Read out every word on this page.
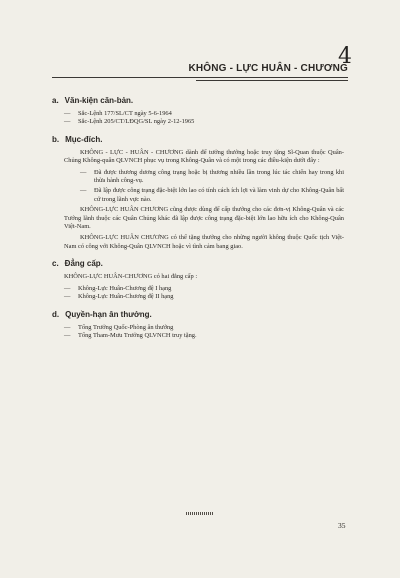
4
KHÔNG - LỰC HUÂN - CHƯƠNG
a. Văn-kiện căn-bản.
—	Sắc-Lệnh 177/SL/CT ngày 5-6-1964
—	Sắc-Lệnh 205/CT/LĐQG/SL ngày 2-12-1965
b. Mục-đích.

KHÔNG - LỰC - HUÂN - CHƯƠNG dành để tưởng thưởng hoặc truy tặng Sĩ-Quan thuộc Quân-Chủng Không-quân QLVNCH phục vụ trong Không-Quân và có một trong các điều-kiện dưới đây :

—	Đã được thương dương công trạng hoặc bị thương nhiều lần trong lúc tác chiến hay trong khi thừa hành công-vụ.
—	Đã lập được công trạng đặc-biệt lớn lao có tính cách ích lợi và làm vinh dự cho Không-Quân bất cứ trong lãnh vực nào.

KHÔNG-LỰC HUÂN CHƯƠNG cũng được dùng để cấp thưởng cho các đơn-vị Không-Quân và các Tướng lãnh thuộc các Quân Chủng khác đã lập được công trạng đặc-biệt lớn lao hữu ích cho Không-Quân Việt-Nam.

KHÔNG-LỰC HUÂN CHƯƠNG có thể tặng thưởng cho những người không thuộc Quốc tịch Việt-Nam có công với Không-Quân QLVNCH hoặc vì tình cảm bang giao.

c. Đẳng cấp.

KHÔNG-LỰC HUÂN-CHƯƠNG có hai đẳng cấp :

—	Không-Lực Huân-Chương đệ I hạng
—	Không-Lực Huân-Chương đệ II hạng
d. Quyền-hạn ân thưởng.
—	Tổng Trưởng Quốc-Phòng ân thưởng
—	Tổng Tham-Mưu Trưởng QLVNCH truy tặng.
35
